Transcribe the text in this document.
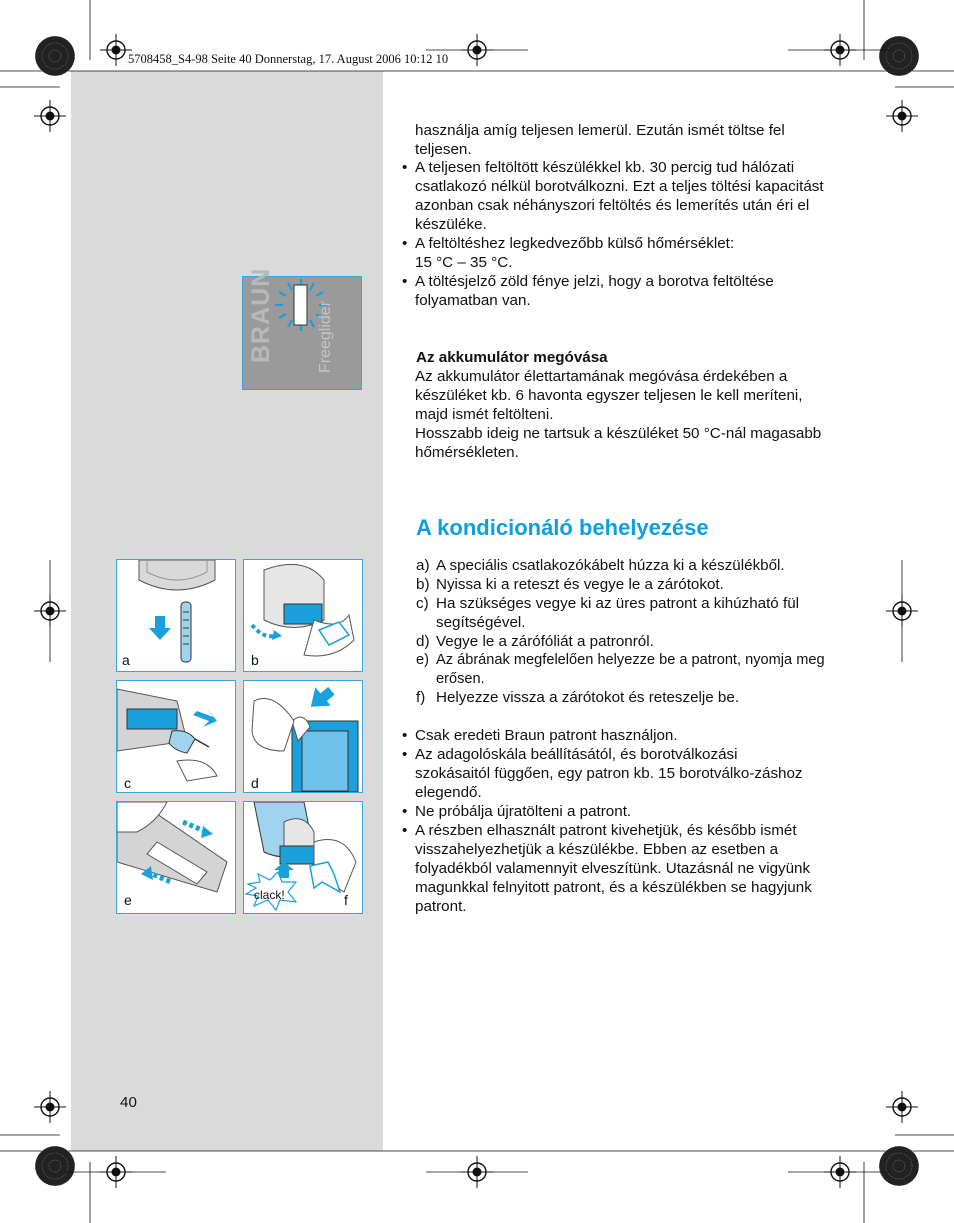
5708458_S4-98 Seite 40 Donnerstag, 17. August 2006 10:12 10
BRAUN	Freeglider
használja amíg teljesen lemerül. Ezután ismét töltse fel teljesen.
• A teljesen feltöltött készülékkel kb. 30 percig tud hálózati csatlakozó nélkül borotválkozni. Ezt a teljes töltési kapacitást azonban csak néhányszori feltöltés és lemerítés után éri el készüléke.
• A feltöltéshez legkedvezőbb külső hőmérséklet:
15 °C – 35 °C.
• A töltésjelző zöld fénye jelzi, hogy a borotva feltöltése folyamatban van.
Az akkumulátor megóvása
Az akkumulátor élettartamának megóvása érdekében a készüléket kb. 6 havonta egyszer teljesen le kell meríteni, majd ismét feltölteni.
Hosszabb ideig ne tartsuk a készüléket 50 °C-nál magasabb hőmérsékleten.
A kondicionáló behelyezése
a) A speciális csatlakozókábelt húzza ki a készülékből.
b) Nyissa ki a reteszt és vegye le a zárótokot.
c) Ha szükséges vegye ki az üres patront a kihúzható fül segítségével.
d) Vegye le a zárófóliát a patronról.
e) Az ábrának megfelelően helyezze be a patront, nyomja meg erősen.
f) Helyezze vissza a zárótokot és reteszelje be.
• Csak eredeti Braun patront használjon.
• Az adagolóskála beállításától, és borotválkozási szokásaitól függően, egy patron kb. 15 borotválko-záshoz elegendő.
• Ne próbálja újratölteni a patront.
• A részben elhasznált patront kivehetjük, és később ismét visszahelyezhetjük a készülékbe. Ebben az esetben a folyadékból valamennyit elveszítünk. Utazásnál ne vigyünk magunkkal felnyitott patront, és a készülékben se hagyjunk patront.
a	b
c	d
e	clack!	f
40
